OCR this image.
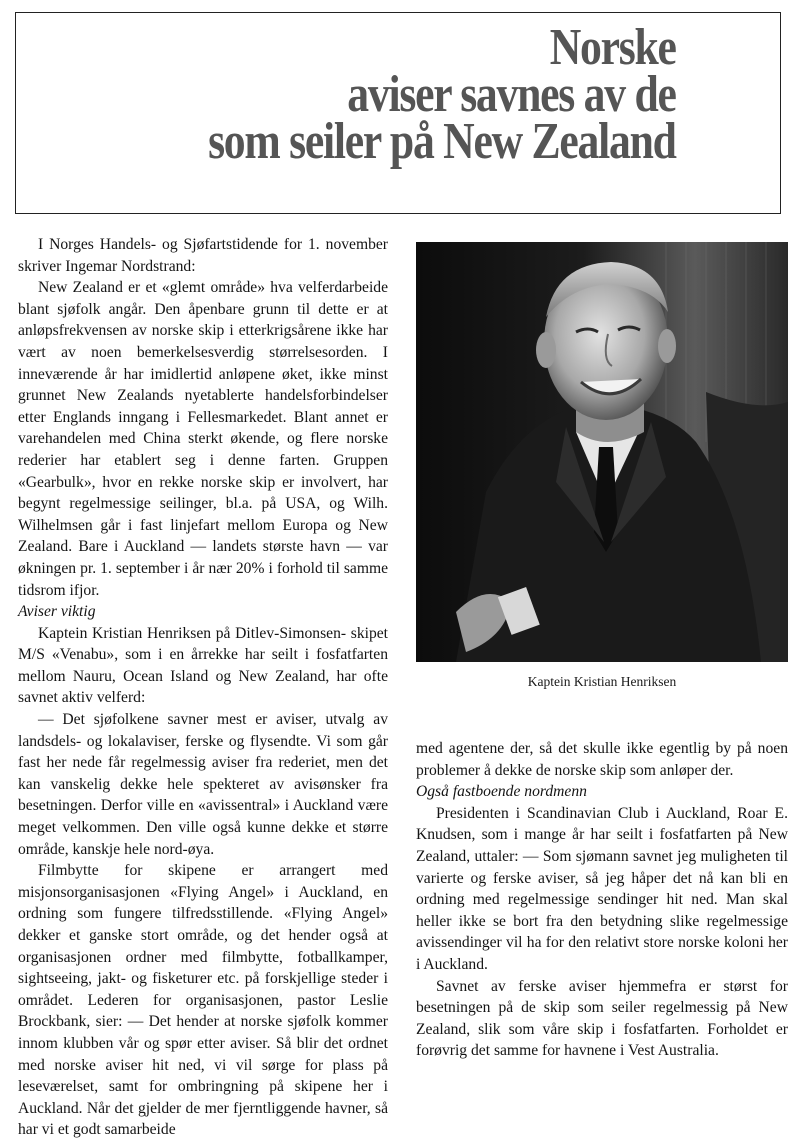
Norske
aviser savnes av de
som seiler på New Zealand

I Norges Handels- og Sjøfartstidende for 1. november skriver Ingemar Nordstrand:

New Zealand er et «glemt område» hva velferdarbeide blant sjøfolk angår. Den åpenbare grunn til dette er at anløpsfrekvensen av norske skip i etterkrigsårene ikke har vært av noen bemerkelsesverdig størrelsesorden. I inneværende år har imidlertid anløpene øket, ikke minst grunnet New Zealands nyetablerte handelsforbindelser etter Englands inngang i Fellesmarkedet. Blant annet er varehandelen med China sterkt økende, og flere norske rederier har etablert seg i denne farten. Gruppen «Gearbulk», hvor en rekke norske skip er involvert, har begynt regelmessige seilinger, bl.a. på USA, og Wilh. Wilhelmsen går i fast linjefart mellom Europa og New Zealand. Bare i Auckland — landets største havn — var økningen pr. 1. september i år nær 20% i forhold til samme tidsrom ifjor.

Aviser viktig

Kaptein Kristian Henriksen på Ditlev-Simonsen- skipet M/S «Venabu», som i en årrekke har seilt i fosfatfarten mellom Nauru, Ocean Island og New Zealand, har ofte savnet aktiv velferd:

— Det sjøfolkene savner mest er aviser, utvalg av landsdels- og lokalaviser, ferske og flysendte. Vi som går fast her nede får regelmessig aviser fra rederiet, men det kan vanskelig dekke hele spekteret av avisønsker fra besetningen. Derfor ville en «avissentral» i Auckland være meget velkommen. Den ville også kunne dekke et større område, kanskje hele nord-øya.

Filmbytte for skipene er arrangert med misjonsorganisasjonen «Flying Angel» i Auckland, en ordning som fungere tilfredsstillende. «Flying Angel» dekker et ganske stort område, og det hender også at organisasjonen ordner med filmbytte, fotballkamper, sightseeing, jakt- og fisketurer etc. på forskjellige steder i området. Lederen for organisasjonen, pastor Leslie Brockbank, sier: — Det hender at norske sjøfolk kommer innom klubben vår og spør etter aviser. Så blir det ordnet med norske aviser hit ned, vi vil sørge for plass på leseværelset, samt for ombringning på skipene her i Auckland. Når det gjelder de mer fjerntliggende havner, så har vi et godt samarbeide

Kaptein Kristian Henriksen

med agentene der, så det skulle ikke egentlig by på noen problemer å dekke de norske skip som anløper der.

Også fastboende nordmenn

Presidenten i Scandinavian Club i Auckland, Roar E. Knudsen, som i mange år har seilt i fosfatfarten på New Zealand, uttaler: — Som sjømann savnet jeg muligheten til varierte og ferske aviser, så jeg håper det nå kan bli en ordning med regelmessige sendinger hit ned. Man skal heller ikke se bort fra den betydning slike regelmessige avissendinger vil ha for den relativt store norske koloni her i Auckland.

Savnet av ferske aviser hjemmefra er størst for besetningen på de skip som seiler regelmessig på New Zealand, slik som våre skip i fosfatfarten. Forholdet er forøvrig det samme for havnene i Vest Australia.
